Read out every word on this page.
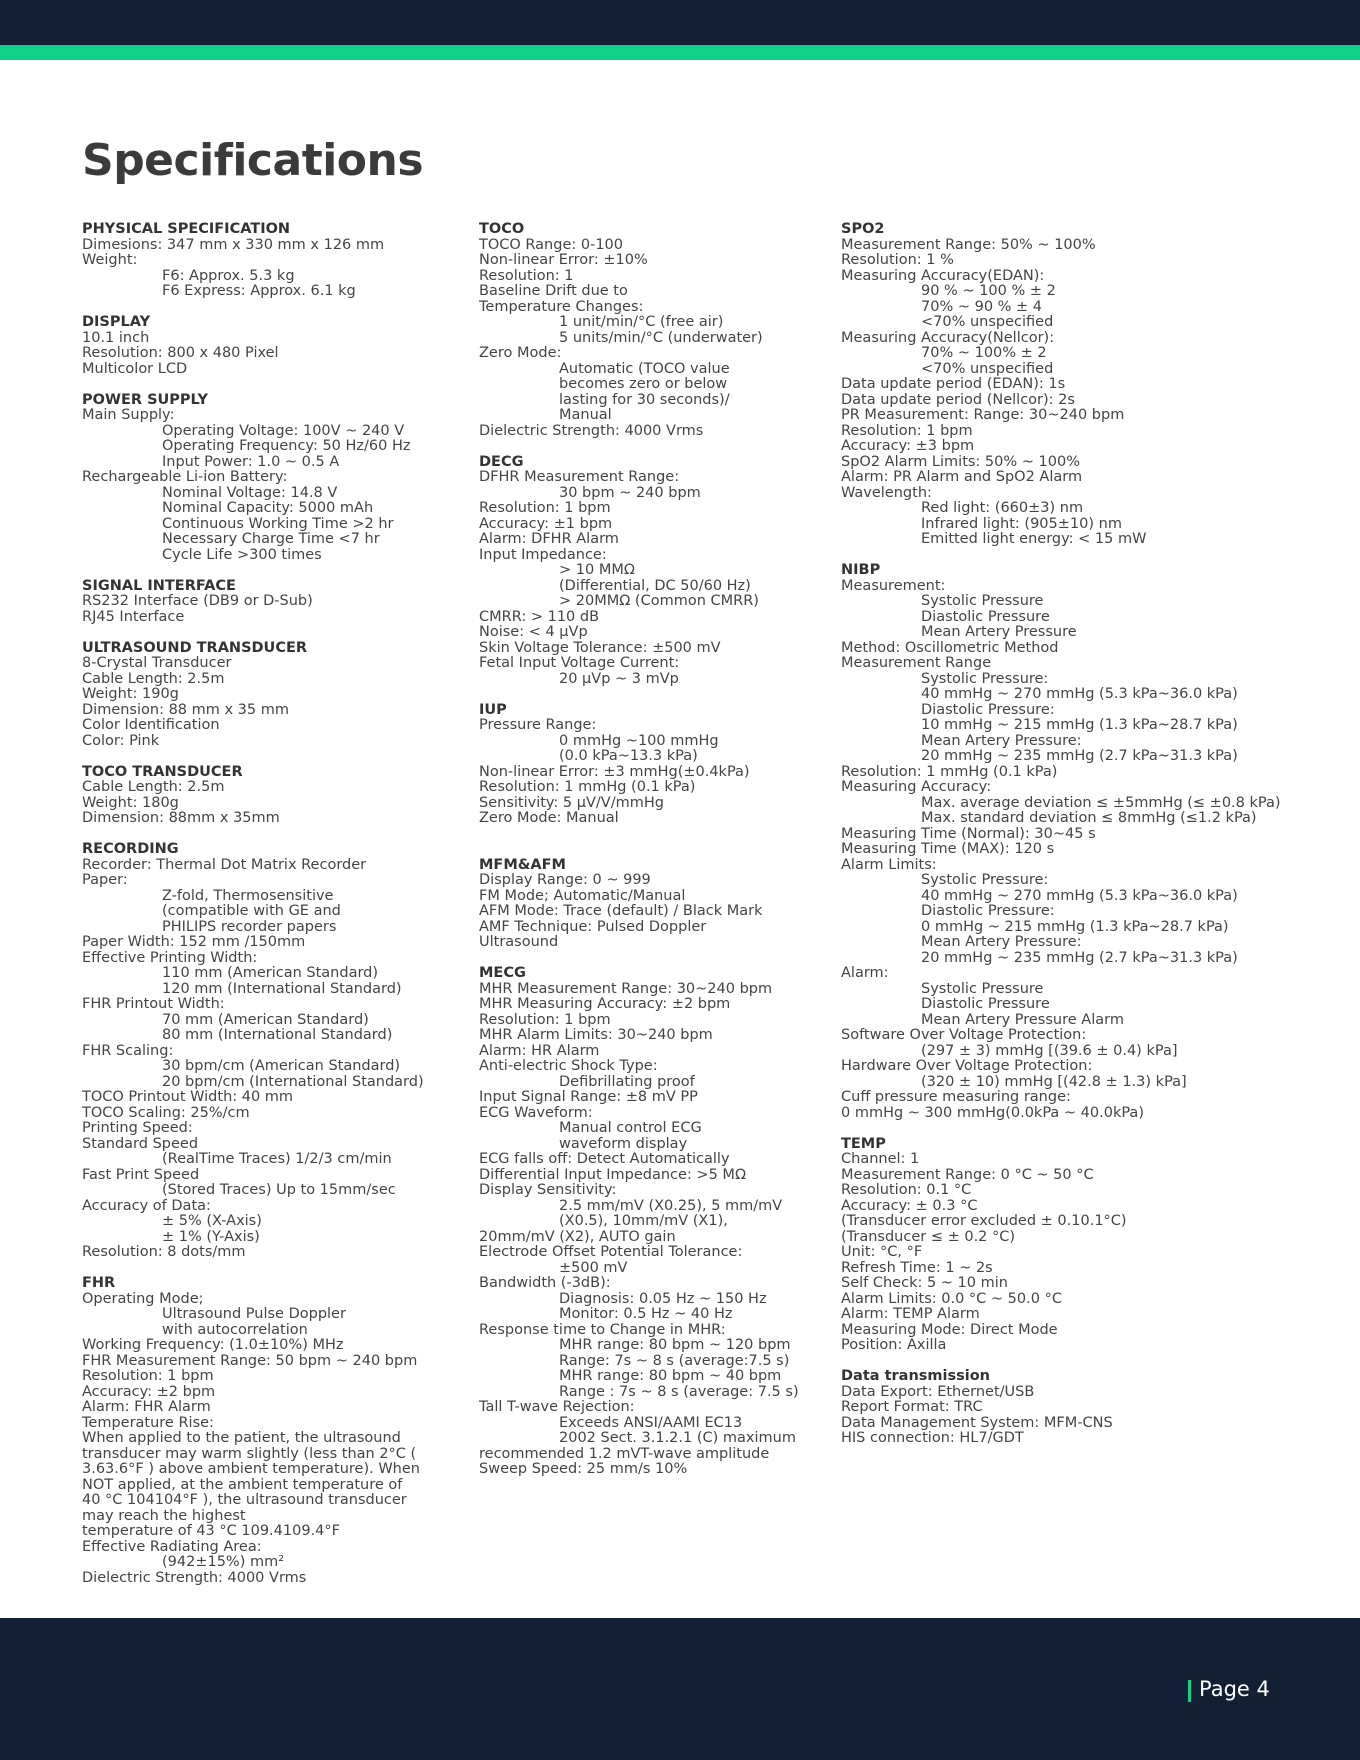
Specifications
PHYSICAL SPECIFICATION
Dimesions: 347 mm x 330 mm x 126 mm
Weight:
F6: Approx. 5.3 kg
F6 Express: Approx. 6.1 kg
DISPLAY
10.1 inch
Resolution: 800 x 480 Pixel
Multicolor LCD
POWER SUPPLY
Main Supply:
Operating Voltage: 100V ~ 240 V
Operating Frequency: 50 Hz/60 Hz
Input Power: 1.0 ~ 0.5 A
Rechargeable Li-ion Battery:
Nominal Voltage: 14.8 V
Nominal Capacity: 5000 mAh
Continuous Working Time >2 hr
Necessary Charge Time <7 hr
Cycle Life >300 times
SIGNAL INTERFACE
RS232 Interface (DB9 or D-Sub)
RJ45 Interface
ULTRASOUND TRANSDUCER
8-Crystal Transducer
Cable Length: 2.5m
Weight: 190g
Dimension: 88 mm x 35 mm
Color Identification
Color: Pink
TOCO TRANSDUCER
Cable Length: 2.5m
Weight: 180g
Dimension: 88mm x 35mm
RECORDING
Recorder: Thermal Dot Matrix Recorder
Paper:
Z-fold, Thermosensitive
(compatible with GE and
PHILIPS recorder papers
Paper Width: 152 mm /150mm
Effective Printing Width:
110 mm (American Standard)
120 mm (International Standard)
FHR Printout Width:
70 mm (American Standard)
80 mm (International Standard)
FHR Scaling:
30 bpm/cm (American Standard)
20 bpm/cm (International Standard)
TOCO Printout Width: 40 mm
TOCO Scaling: 25%/cm
Printing Speed:
Standard Speed
(RealTime Traces) 1/2/3 cm/min
Fast Print Speed
(Stored Traces) Up to 15mm/sec
Accuracy of Data:
± 5% (X-Axis)
± 1% (Y-Axis)
Resolution: 8 dots/mm
FHR
Operating Mode;
Ultrasound Pulse Doppler
with autocorrelation
Working Frequency: (1.0±10%) MHz
FHR Measurement Range: 50 bpm ~ 240 bpm
Resolution: 1 bpm
Accuracy: ±2 bpm
Alarm: FHR Alarm
Temperature Rise:
When applied to the patient, the ultrasound
transducer may warm slightly (less than 2°C (
3.63.6°F ) above ambient temperature). When
NOT applied, at the ambient temperature of
40 °C 104104°F ), the ultrasound transducer
may reach the highest
temperature of 43 °C 109.4109.4°F
Effective Radiating Area:
(942±15%) mm²
Dielectric Strength: 4000 Vrms
TOCO
TOCO Range: 0-100
Non-linear Error: ±10%
Resolution: 1
Baseline Drift due to
Temperature Changes:
1 unit/min/°C (free air)
5 units/min/°C (underwater)
Zero Mode:
Automatic (TOCO value
becomes zero or below
lasting for 30 seconds)/
Manual
Dielectric Strength: 4000 Vrms
DECG
DFHR Measurement Range:
30 bpm ~ 240 bpm
Resolution: 1 bpm
Accuracy: ±1 bpm
Alarm: DFHR Alarm
Input Impedance:
> 10 MMΩ
(Differential, DC 50/60 Hz)
> 20MMΩ (Common CMRR)
CMRR: > 110 dB
Noise: < 4 μVp
Skin Voltage Tolerance: ±500 mV
Fetal Input Voltage Current:
20 μVp ~ 3 mVp
IUP
Pressure Range:
0 mmHg ~100 mmHg
(0.0 kPa~13.3 kPa)
Non-linear Error: ±3 mmHg(±0.4kPa)
Resolution: 1 mmHg (0.1 kPa)
Sensitivity: 5 μV/V/mmHg
Zero Mode: Manual

MFM&AFM
Display Range: 0 ~ 999
FM Mode; Automatic/Manual
AFM Mode: Trace (default) / Black Mark
AMF Technique: Pulsed Doppler
Ultrasound
MECG
MHR Measurement Range: 30~240 bpm
MHR Measuring Accuracy: ±2 bpm
Resolution: 1 bpm
MHR Alarm Limits: 30~240 bpm
Alarm: HR Alarm
Anti-electric Shock Type:
Defibrillating proof
Input Signal Range: ±8 mV PP
ECG Waveform:
Manual control ECG
waveform display
ECG falls off: Detect Automatically
Differential Input Impedance: >5 MΩ
Display Sensitivity:
2.5 mm/mV (X0.25), 5 mm/mV
(X0.5), 10mm/mV (X1),
20mm/mV (X2), AUTO gain
Electrode Offset Potential Tolerance:
±500 mV
Bandwidth (-3dB):
Diagnosis: 0.05 Hz ~ 150 Hz
Monitor: 0.5 Hz ~ 40 Hz
Response time to Change in MHR:
MHR range: 80 bpm ~ 120 bpm
Range: 7s ~ 8 s (average:7.5 s)
MHR range: 80 bpm ~ 40 bpm
Range : 7s ~ 8 s (average: 7.5 s)
Tall T-wave Rejection:
Exceeds ANSI/AAMI EC13
2002 Sect. 3.1.2.1 (C) maximum
recommended 1.2 mVT-wave amplitude
Sweep Speed: 25 mm/s 10%
SPO2
Measurement Range: 50% ~ 100%
Resolution: 1 %
Measuring Accuracy(EDAN):
90 % ~ 100 % ± 2
70% ~ 90 % ± 4
<70% unspecified
Measuring Accuracy(Nellcor):
70% ~ 100% ± 2
<70% unspecified
Data update period (EDAN): 1s
Data update period (Nellcor): 2s
PR Measurement: Range: 30~240 bpm
Resolution: 1 bpm
Accuracy: ±3 bpm
SpO2 Alarm Limits: 50% ~ 100%
Alarm: PR Alarm and SpO2 Alarm
Wavelength:
Red light: (660±3) nm
Infrared light: (905±10) nm
Emitted light energy: < 15 mW
NIBP
Measurement:
Systolic Pressure
Diastolic Pressure
Mean Artery Pressure
Method: Oscillometric Method
Measurement Range
Systolic Pressure:
40 mmHg ~ 270 mmHg (5.3 kPa~36.0 kPa)
Diastolic Pressure:
10 mmHg ~ 215 mmHg (1.3 kPa~28.7 kPa)
Mean Artery Pressure:
20 mmHg ~ 235 mmHg (2.7 kPa~31.3 kPa)
Resolution: 1 mmHg (0.1 kPa)
Measuring Accuracy:
Max. average deviation ≤ ±5mmHg (≤ ±0.8 kPa)
Max. standard deviation ≤ 8mmHg (≤1.2 kPa)
Measuring Time (Normal): 30~45 s
Measuring Time (MAX): 120 s
Alarm Limits:
Systolic Pressure:
40 mmHg ~ 270 mmHg (5.3 kPa~36.0 kPa)
Diastolic Pressure:
0 mmHg ~ 215 mmHg (1.3 kPa~28.7 kPa)
Mean Artery Pressure:
20 mmHg ~ 235 mmHg (2.7 kPa~31.3 kPa)
Alarm:
Systolic Pressure
Diastolic Pressure
Mean Artery Pressure Alarm
Software Over Voltage Protection:
(297 ± 3) mmHg [(39.6 ± 0.4) kPa]
Hardware Over Voltage Protection:
(320 ± 10) mmHg [(42.8 ± 1.3) kPa]
Cuff pressure measuring range:
0 mmHg ~ 300 mmHg(0.0kPa ~ 40.0kPa)
TEMP
Channel: 1
Measurement Range: 0 °C ~ 50 °C
Resolution: 0.1 °C
Accuracy: ± 0.3 °C
(Transducer error excluded ± 0.10.1°C)
(Transducer ≤ ± 0.2 °C)
Unit: °C, °F
Refresh Time: 1 ~ 2s
Self Check: 5 ~ 10 min
Alarm Limits: 0.0 °C ~ 50.0 °C
Alarm: TEMP Alarm
Measuring Mode: Direct Mode
Position: Axilla
Data transmission
Data Export: Ethernet/USB
Report Format: TRC
Data Management System: MFM-CNS
HIS connection: HL7/GDT
Page 4
